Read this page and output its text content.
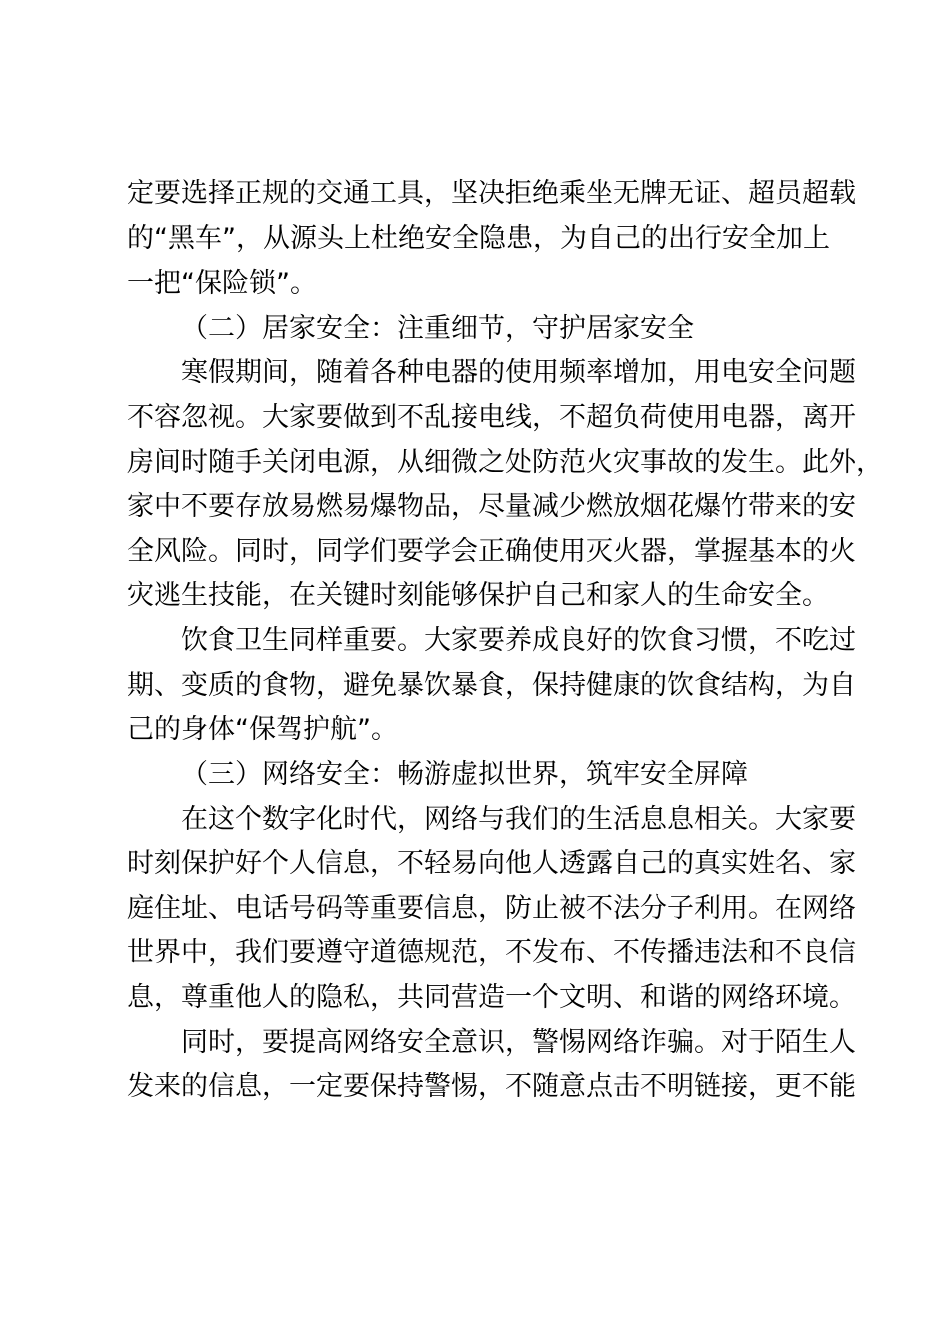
定要选择正规的交通工具，坚决拒绝乘坐无牌无证、超员超载
的“黑车”，从源头上杜绝安全隐患，为自己的出行安全加上
一把“保险锁”。
（二）居家安全：注重细节，守护居家安全
寒假期间，随着各种电器的使用频率增加，用电安全问题
不容忽视。大家要做到不乱接电线，不超负荷使用电器，离开
房间时随手关闭电源，从细微之处防范火灾事故的发生。此外，
家中不要存放易燃易爆物品，尽量减少燃放烟花爆竹带来的安
全风险。同时，同学们要学会正确使用灭火器，掌握基本的火
灾逃生技能，在关键时刻能够保护自己和家人的生命安全。
饮食卫生同样重要。大家要养成良好的饮食习惯，不吃过
期、变质的食物，避免暴饮暴食，保持健康的饮食结构，为自
己的身体“保驾护航”。
（三）网络安全：畅游虚拟世界，筑牢安全屏障
在这个数字化时代，网络与我们的生活息息相关。大家要
时刻保护好个人信息，不轻易向他人透露自己的真实姓名、家
庭住址、电话号码等重要信息，防止被不法分子利用。在网络
世界中，我们要遵守道德规范，不发布、不传播违法和不良信
息，尊重他人的隐私，共同营造一个文明、和谐的网络环境。
同时，要提高网络安全意识，警惕网络诈骗。对于陌生人
发来的信息，一定要保持警惕，不随意点击不明链接，更不能
